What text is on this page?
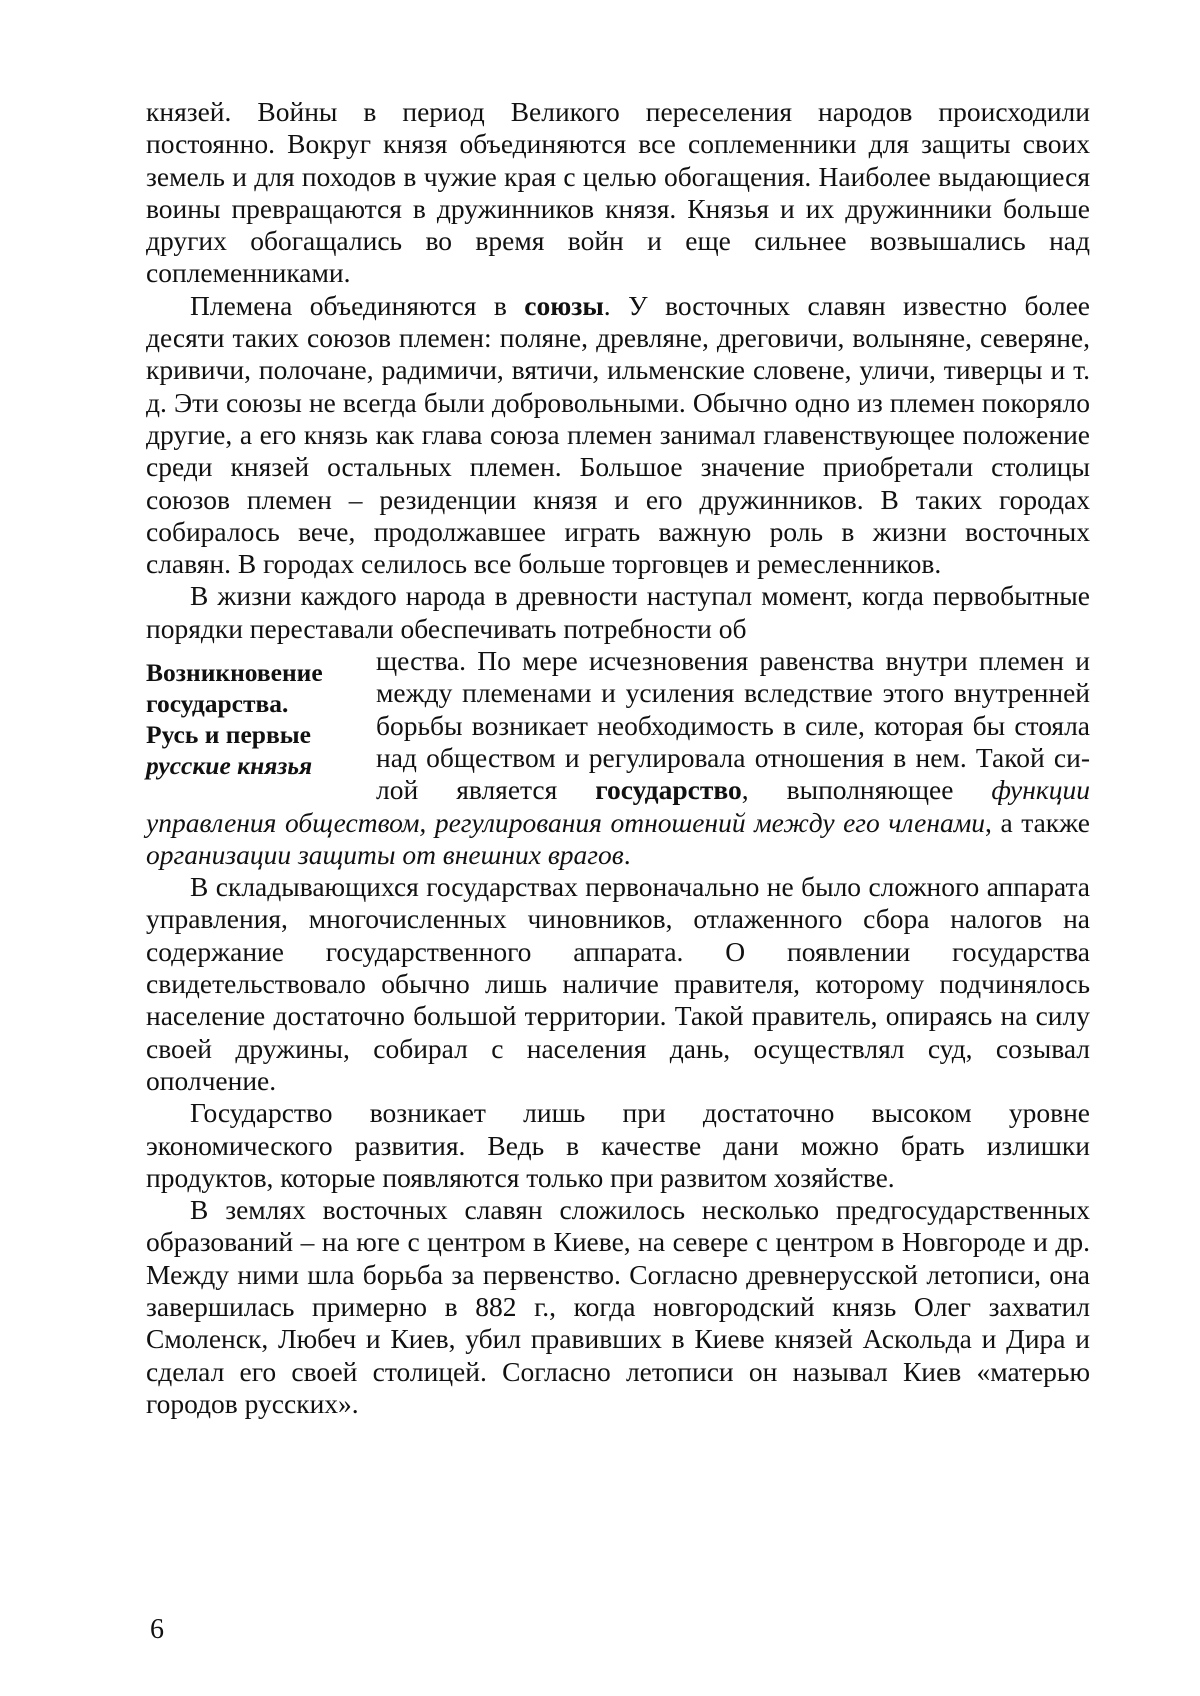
князей. Войны в период Великого переселения народов происходили постоянно. Вокруг князя объединяются все соплеменники для защиты своих земель и для походов в чужие края с целью обогащения. Наиболее выдающиеся воины превращаются в дружинников князя. Князья и их дружинники больше других обогащались во время войн и еще сильнее возвышались над соплеменниками.

Племена объединяются в союзы. У восточных славян известно более десяти таких союзов племен: поляне, древляне, дреговичи, волыняне, северяне, кривичи, полочане, радимичи, вятичи, ильменские словене, уличи, тиверцы и т. д. Эти союзы не всегда были добровольными. Обычно одно из племен покоряло другие, а его князь как глава союза племен занимал главенствующее положение среди князей остальных племен. Большое значение приобретали столицы союзов племен – резиденции князя и его дружинников. В таких городах собиралось вече, продолжавшее играть важную роль в жизни восточных славян. В городах селилось все больше торговцев и ремесленников.

В жизни каждого народа в древности наступал момент, когда первобытные порядки переставали обеспечивать потребности об

Возникновение
государства.
Русь и первые
русские князья
щества. По мере исчезновения равенства внутри племен и между племенами и усиления вследст­вие этого внутренней борьбы возникает необхо­димость в силе, которая бы стояла над общест­вом и регулировала отношения в нем. Такой си­лой является государство, выполняющее функции управления обще­ством, регулирования отношений между его членами, а также орга­низации защиты от внешних врагов.

В складывающихся государствах первоначально не было слож­ного аппарата управления, многочисленных чиновников, отлажен­ного сбора налогов на содержание государственного аппарата. О появлении государства свидетельствовало обычно лишь наличие правителя, которому подчинялось население достаточно большой территории. Такой правитель, опираясь на силу своей дружины, собирал с населения дань, осуществлял суд, созывал ополчение.

Государство возникает лишь при достаточно высоком уровне экономического развития. Ведь в качестве дани можно брать из­лишки продуктов, которые появляются только при развитом хо­зяйстве.

В землях восточных славян сложилось несколько предгосудар­ственных образований – на юге с центром в Киеве, на севере с центром в Новгороде и др. Между ними шла борьба за первенст­во. Согласно древнерусской летописи, она завершилась примерно в 882 г., когда новгородский князь Олег захватил Смоленск, Лю­беч и Киев, убил правивших в Киеве князей Аскольда и Дира и сде­лал его своей столицей. Согласно летописи он называл Киев «ма­терью городов русских».

6
